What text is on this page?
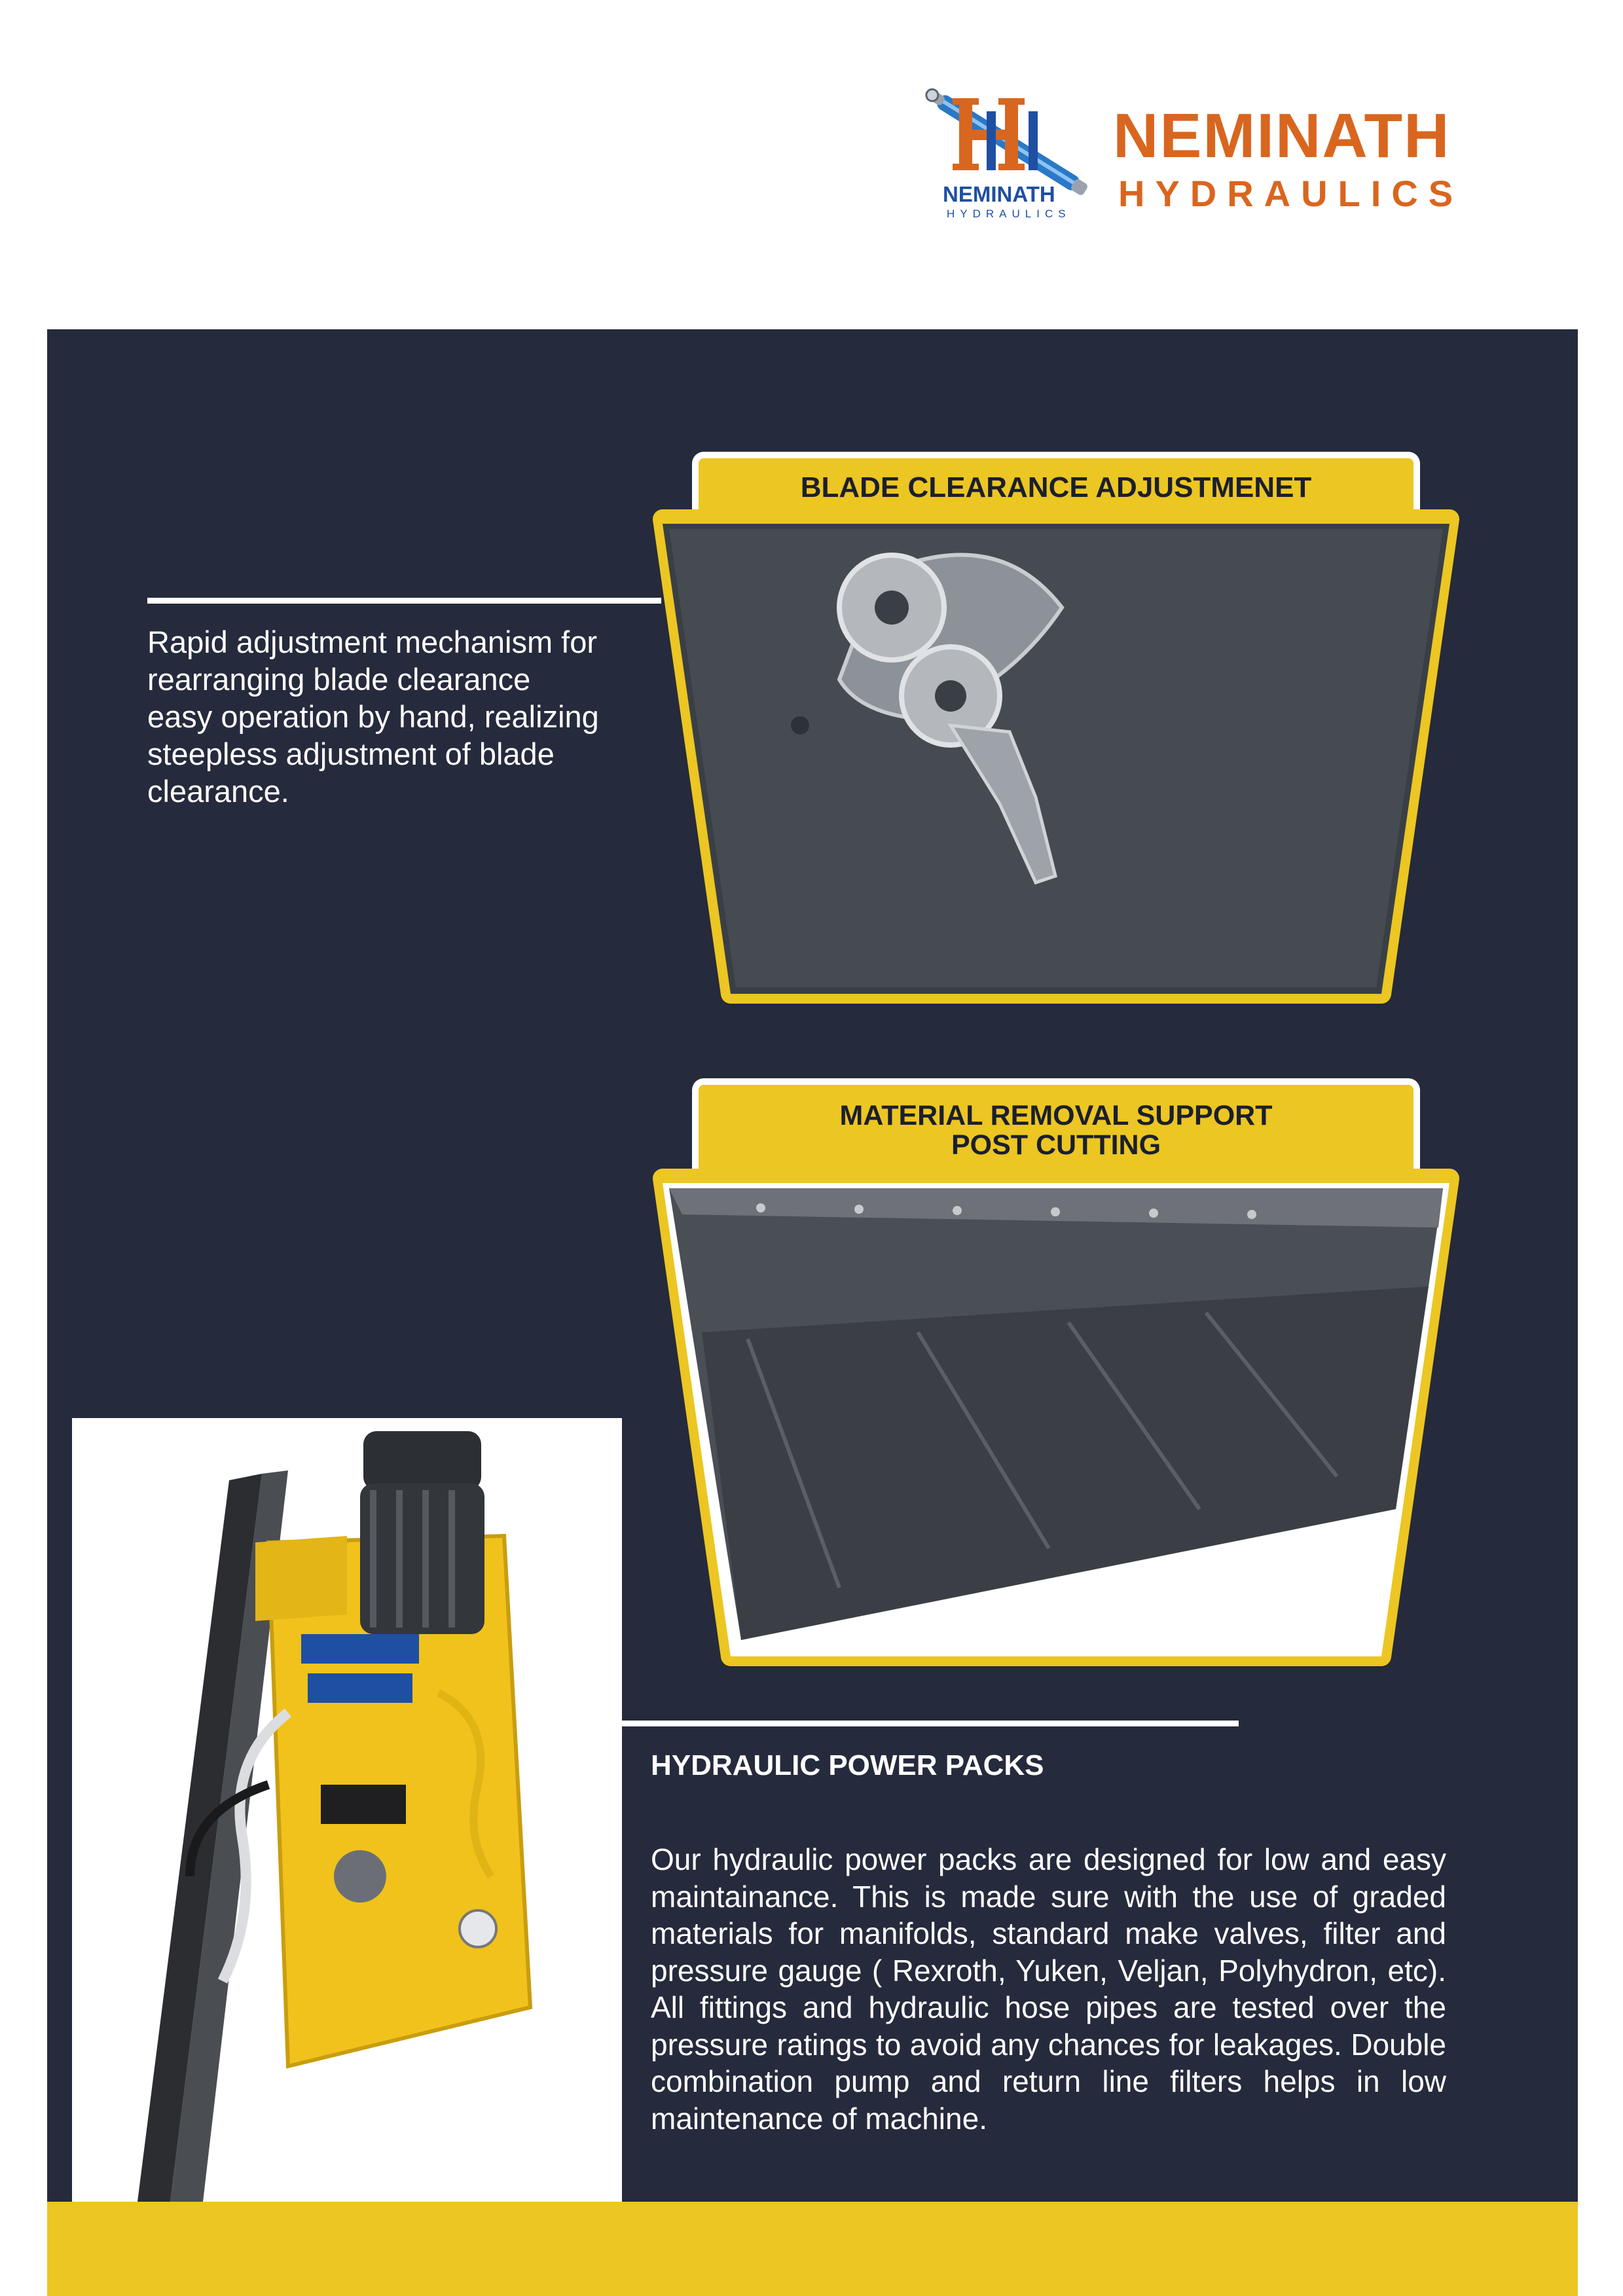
NEMINATH
HYDRAULICS
NEMINATH
HYDRAULICS
Rapid adjustment mechanism for
rearranging blade clearance
easy operation by hand, realizing
steepless adjustment of blade
clearance.
BLADE CLEARANCE ADJUSTMENET
MATERIAL REMOVAL SUPPORT
POST CUTTING
HYDRAULIC POWER PACKS
Our hydraulic power packs are designed for low and easy maintainance. This is made sure with the use of graded materials for manifolds, standard make valves, filter and pressure gauge ( Rexroth, Yuken, Veljan, Polyhydron, etc). All fittings and hydraulic hose pipes are tested over the pressure ratings to avoid any chances for leakages. Double combination pump and return line filters helps in low maintenance of machine.
